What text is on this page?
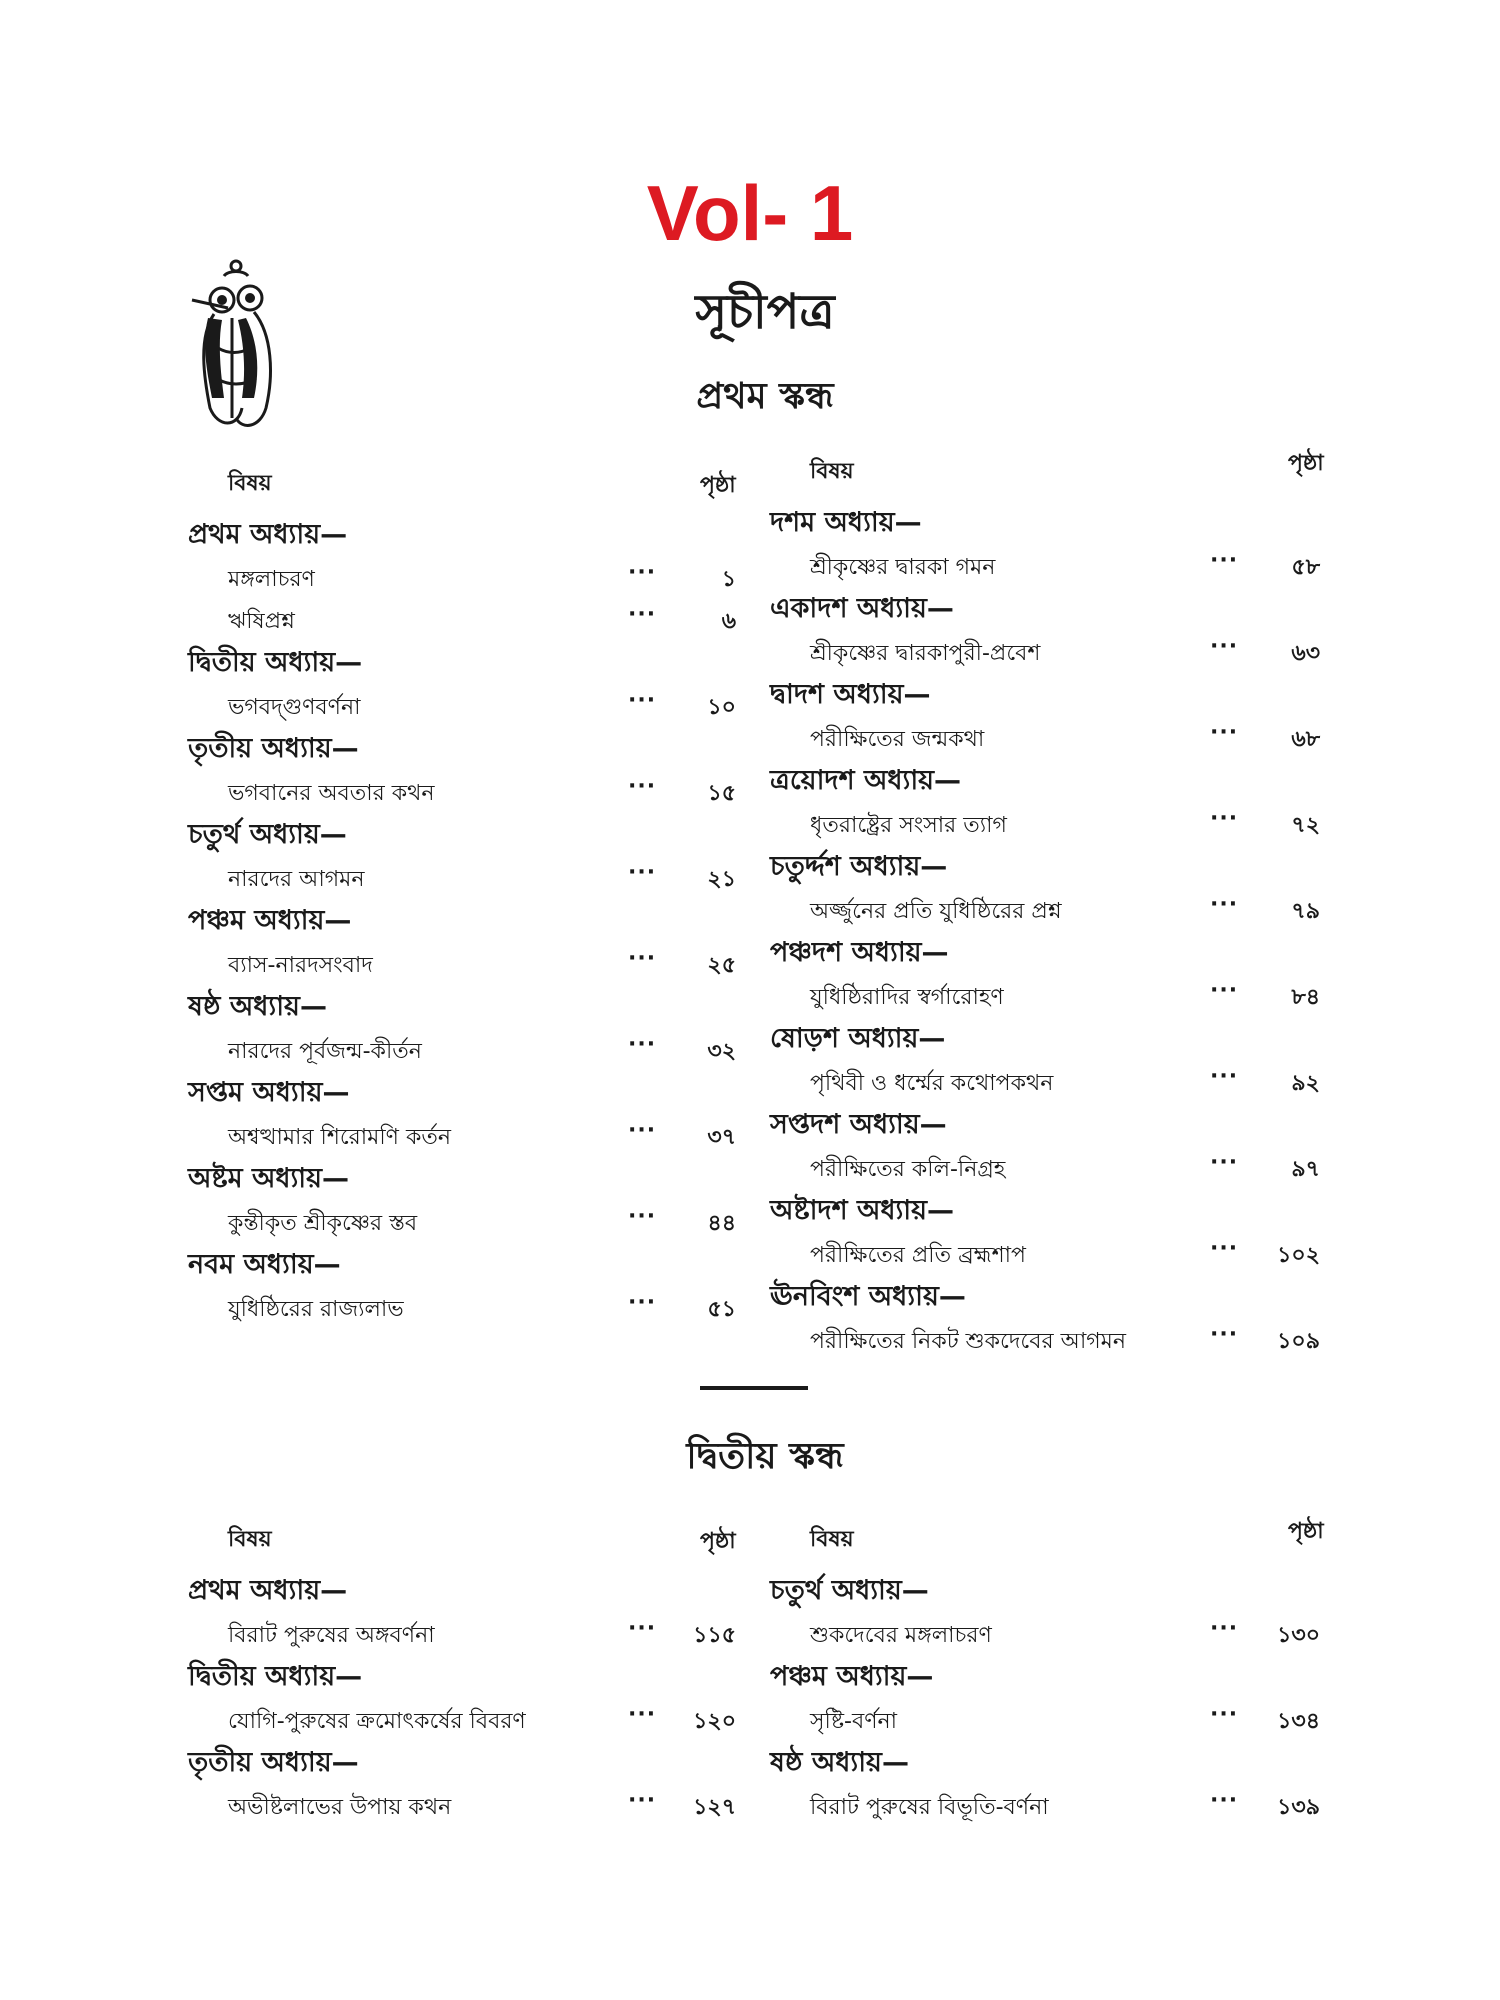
Vol- 1
সূচীপত্র
প্রথম স্কন্ধ
বিষয়	পৃষ্ঠা
প্রথম অধ্যায়—
মঙ্গলাচরণ	···	১
ঋষিপ্রশ্ন	···	৬
দ্বিতীয় অধ্যায়—
ভগবদ্‌গুণবর্ণনা	···	১০
তৃতীয় অধ্যায়—
ভগবানের অবতার কথন	···	১৫
চতুর্থ অধ্যায়—
নারদের আগমন	···	২১
পঞ্চম অধ্যায়—
ব্যাস-নারদসংবাদ	···	২৫
ষষ্ঠ অধ্যায়—
নারদের পূর্বজন্ম-কীর্তন	···	৩২
সপ্তম অধ্যায়—
অশ্বত্থামার শিরোমণি কর্তন	···	৩৭
অষ্টম অধ্যায়—
কুন্তীকৃত শ্রীকৃষ্ণের স্তব	···	৪৪
নবম অধ্যায়—
যুধিষ্ঠিরের রাজ্যলাভ	···	৫১
বিষয়	পৃষ্ঠা
দশম অধ্যায়—
শ্রীকৃষ্ণের দ্বারকা গমন	···	৫৮
একাদশ অধ্যায়—
শ্রীকৃষ্ণের দ্বারকাপুরী-প্রবেশ	···	৬৩
দ্বাদশ অধ্যায়—
পরীক্ষিতের জন্মকথা	···	৬৮
ত্রয়োদশ অধ্যায়—
ধৃতরাষ্ট্রের সংসার ত্যাগ	···	৭২
চতুর্দ্দশ অধ্যায়—
অর্জ্জুনের প্রতি যুধিষ্ঠিরের প্রশ্ন	···	৭৯
পঞ্চদশ অধ্যায়—
যুধিষ্ঠিরাদির স্বর্গারোহণ	···	৮৪
ষোড়শ অধ্যায়—
পৃথিবী ও ধর্ম্মের কথোপকথন	···	৯২
সপ্তদশ অধ্যায়—
পরীক্ষিতের কলি-নিগ্রহ	···	৯৭
অষ্টাদশ অধ্যায়—
পরীক্ষিতের প্রতি ব্রহ্মশাপ	···	১০২
ঊনবিংশ অধ্যায়—
পরীক্ষিতের নিকট শুকদেবের আগমন	···	১০৯
দ্বিতীয় স্কন্ধ
বিষয়	পৃষ্ঠা
প্রথম অধ্যায়—
বিরাট পুরুষের অঙ্গবর্ণনা	···	১১৫
দ্বিতীয় অধ্যায়—
যোগি-পুরুষের ক্রমোৎকর্ষের বিবরণ	···	১২০
তৃতীয় অধ্যায়—
অভীষ্টলাভের উপায় কথন	···	১২৭
বিষয়	পৃষ্ঠা
চতুর্থ অধ্যায়—
শুকদেবের মঙ্গলাচরণ	···	১৩০
পঞ্চম অধ্যায়—
সৃষ্টি-বর্ণনা	···	১৩৪
ষষ্ঠ অধ্যায়—
বিরাট পুরুষের বিভূতি-বর্ণনা	···	১৩৯
